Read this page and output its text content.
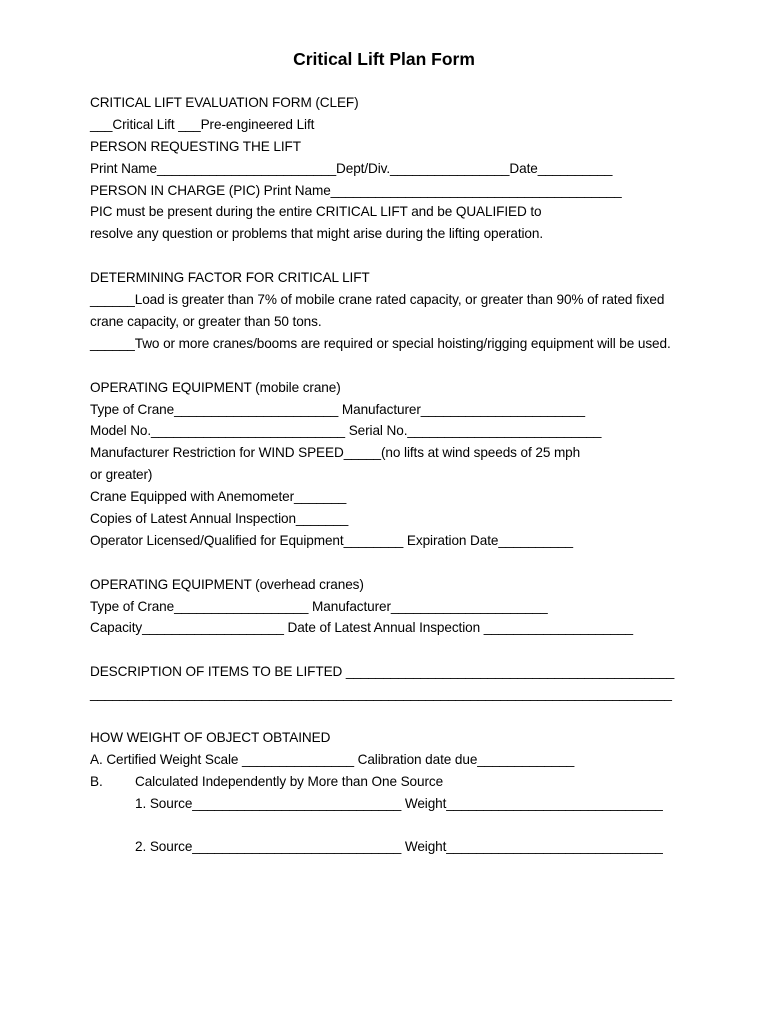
Critical Lift Plan Form
CRITICAL LIFT EVALUATION FORM (CLEF)
___Critical Lift ___Pre-engineered Lift
PERSON REQUESTING THE LIFT
Print Name________________________Dept/Div.________________Date__________
PERSON IN CHARGE (PIC) Print Name_______________________________________
PIC must be present during the entire CRITICAL LIFT and be QUALIFIED to resolve any question or problems that might arise during the lifting operation.
DETERMINING FACTOR FOR CRITICAL LIFT
______Load is greater than 7% of mobile crane rated capacity, or greater than 90% of rated fixed crane capacity, or greater than 50 tons.
______Two or more cranes/booms are required or special hoisting/rigging equipment will be used.
OPERATING EQUIPMENT (mobile crane)
Type of Crane______________________ Manufacturer______________________
Model No.__________________________ Serial No.__________________________
Manufacturer Restriction for WIND SPEED_____(no lifts at wind speeds of 25 mph or greater)
Crane Equipped with Anemometer_______
Copies of Latest Annual Inspection_______
Operator Licensed/Qualified for Equipment________ Expiration Date__________
OPERATING EQUIPMENT (overhead cranes)
Type of Crane__________________ Manufacturer_____________________
Capacity___________________ Date of Latest Annual Inspection ____________________
DESCRIPTION OF ITEMS TO BE LIFTED ____________________________________________
______________________________________________________________________________
HOW WEIGHT OF OBJECT OBTAINED
A. Certified Weight Scale _______________ Calibration date due_____________
B.	Calculated Independently by More than One Source
1. Source____________________________ Weight_____________________________
2. Source____________________________ Weight_____________________________
